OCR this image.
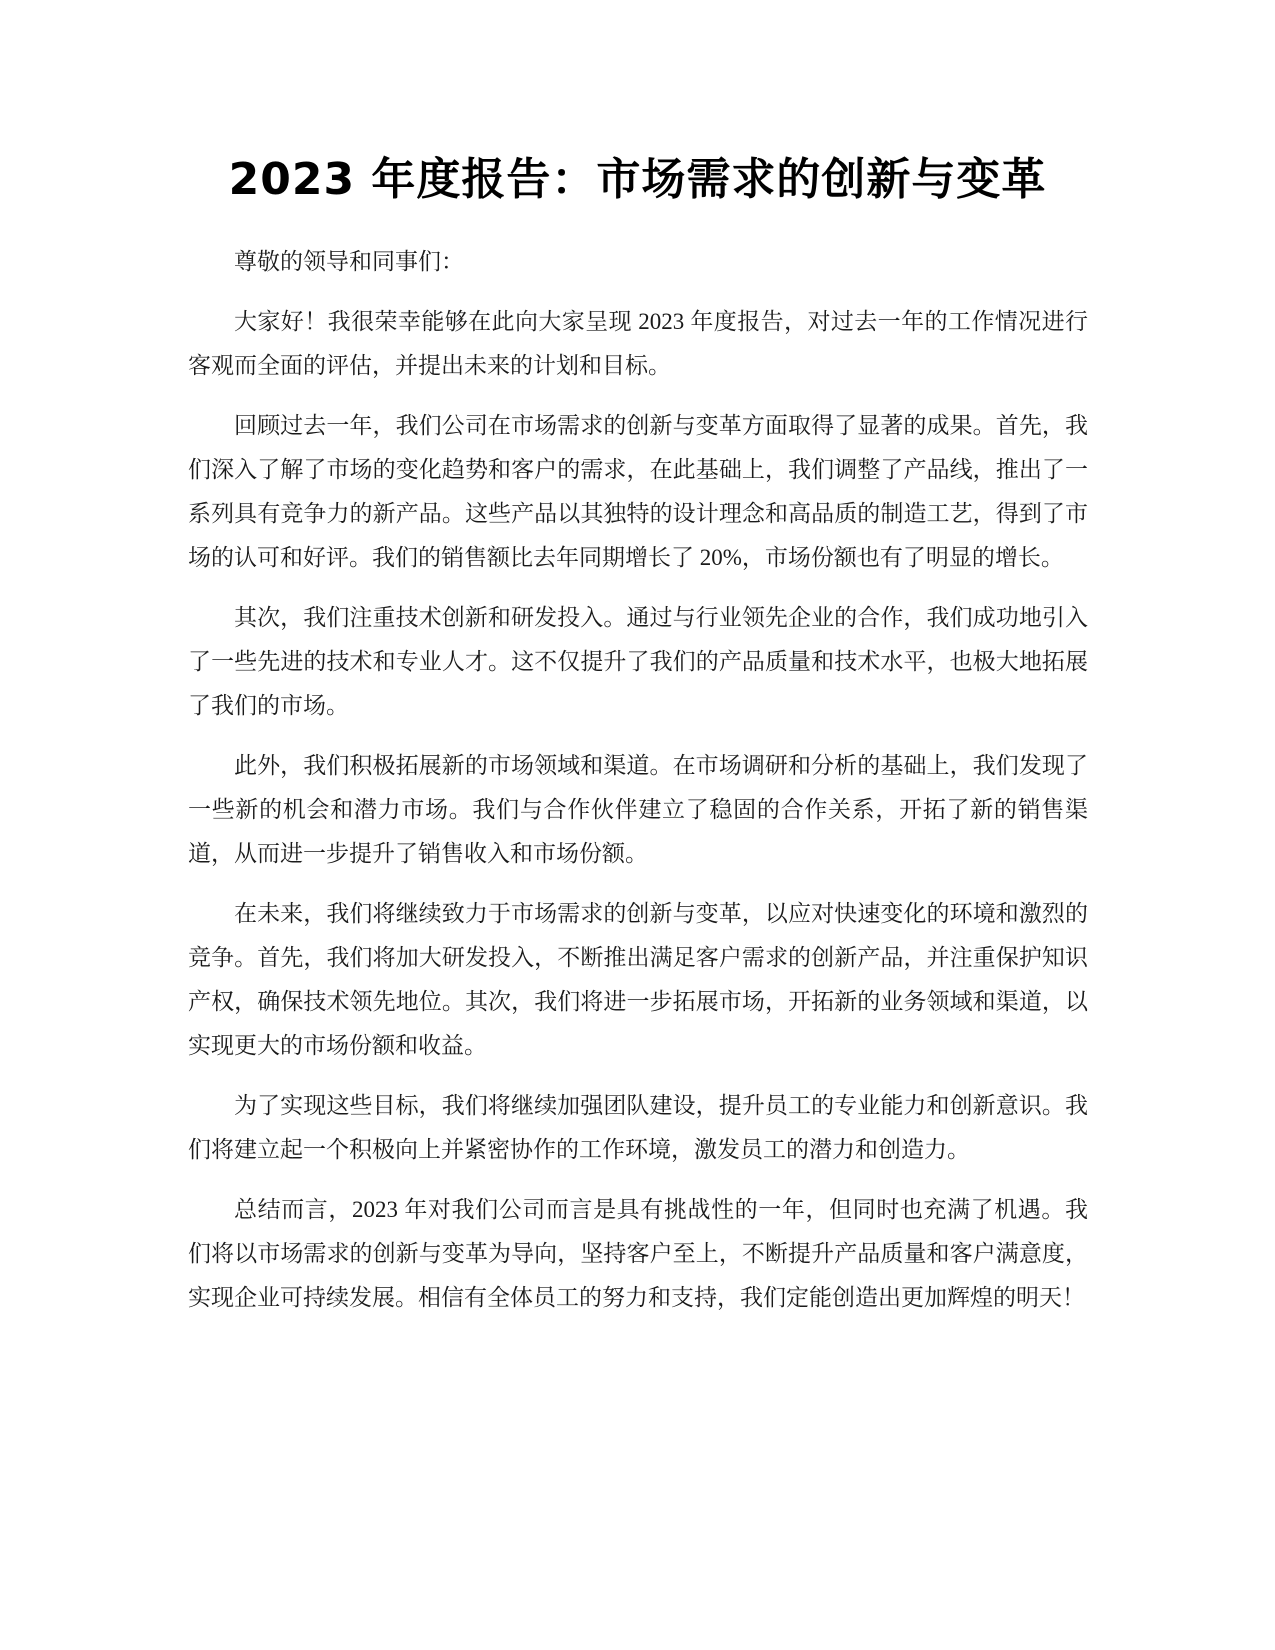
2023 年度报告：市场需求的创新与变革

尊敬的领导和同事们：

大家好！我很荣幸能够在此向大家呈现 2023 年度报告，对过去一年的工作情况进行客观而全面的评估，并提出未来的计划和目标。

回顾过去一年，我们公司在市场需求的创新与变革方面取得了显著的成果。首先，我们深入了解了市场的变化趋势和客户的需求，在此基础上，我们调整了产品线，推出了一系列具有竞争力的新产品。这些产品以其独特的设计理念和高品质的制造工艺，得到了市场的认可和好评。我们的销售额比去年同期增长了 20%，市场份额也有了明显的增长。

其次，我们注重技术创新和研发投入。通过与行业领先企业的合作，我们成功地引入了一些先进的技术和专业人才。这不仅提升了我们的产品质量和技术水平，也极大地拓展了我们的市场。

此外，我们积极拓展新的市场领域和渠道。在市场调研和分析的基础上，我们发现了一些新的机会和潜力市场。我们与合作伙伴建立了稳固的合作关系，开拓了新的销售渠道，从而进一步提升了销售收入和市场份额。

在未来，我们将继续致力于市场需求的创新与变革，以应对快速变化的环境和激烈的竞争。首先，我们将加大研发投入，不断推出满足客户需求的创新产品，并注重保护知识产权，确保技术领先地位。其次，我们将进一步拓展市场，开拓新的业务领域和渠道，以实现更大的市场份额和收益。

为了实现这些目标，我们将继续加强团队建设，提升员工的专业能力和创新意识。我们将建立起一个积极向上并紧密协作的工作环境，激发员工的潜力和创造力。

总结而言，2023 年对我们公司而言是具有挑战性的一年，但同时也充满了机遇。我们将以市场需求的创新与变革为导向，坚持客户至上，不断提升产品质量和客户满意度，实现企业可持续发展。相信有全体员工的努力和支持，我们定能创造出更加辉煌的明天！
